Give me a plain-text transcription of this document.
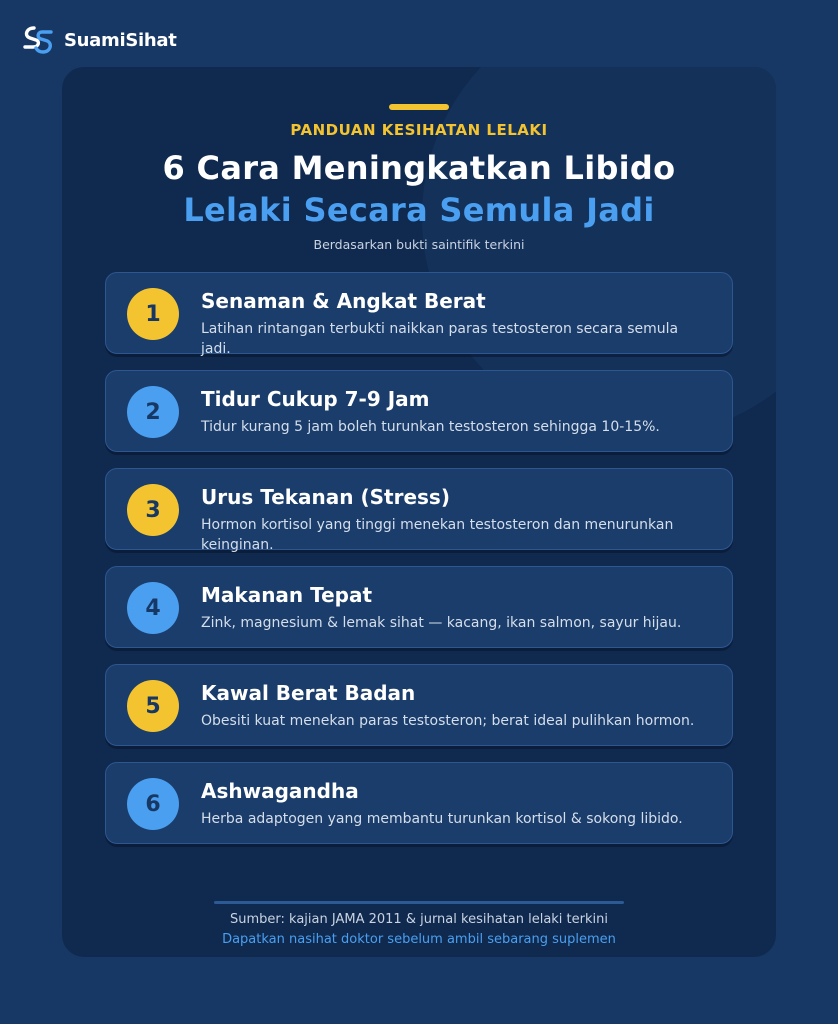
SuamiSihat
PANDUAN KESIHATAN LELAKI
6 Cara Meningkatkan Libido
Lelaki Secara Semula Jadi
Berdasarkan bukti saintifik terkini
1
Senaman & Angkat Berat
Latihan rintangan terbukti naikkan paras testosteron secara semula jadi.
2
Tidur Cukup 7-9 Jam
Tidur kurang 5 jam boleh turunkan testosteron sehingga 10-15%.
3
Urus Tekanan (Stress)
Hormon kortisol yang tinggi menekan testosteron dan menurunkan keinginan.
4
Makanan Tepat
Zink, magnesium & lemak sihat — kacang, ikan salmon, sayur hijau.
5
Kawal Berat Badan
Obesiti kuat menekan paras testosteron; berat ideal pulihkan hormon.
6
Ashwagandha
Herba adaptogen yang membantu turunkan kortisol & sokong libido.
Sumber: kajian JAMA 2011 & jurnal kesihatan lelaki terkini
Dapatkan nasihat doktor sebelum ambil sebarang suplemen
